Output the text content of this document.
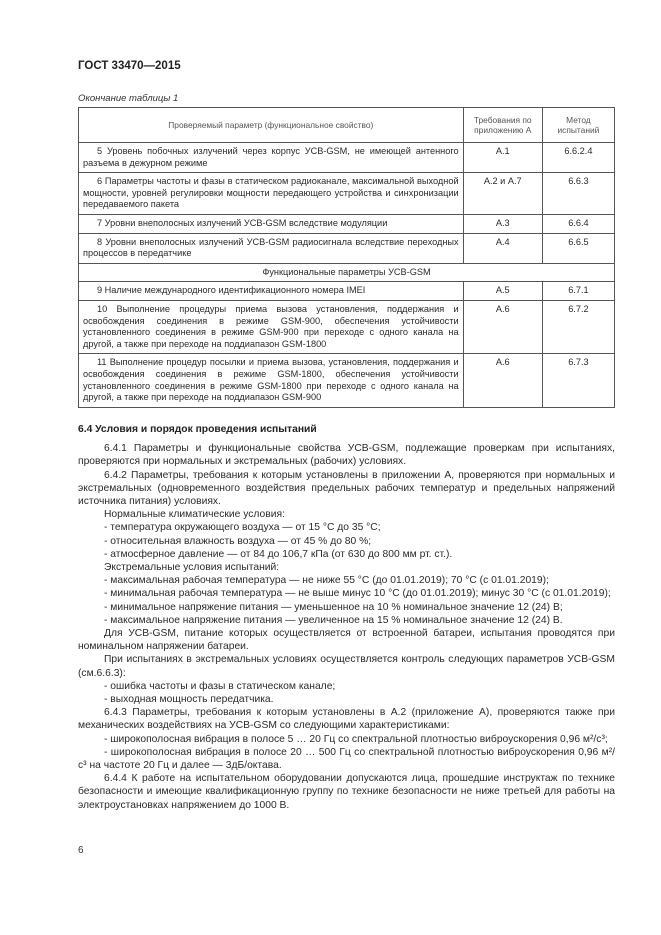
ГОСТ 33470—2015
Окончание таблицы 1
Проверяемый параметр (функциональное свойство)	Требования по приложению А	Метод испытаний
5 Уровень побочных излучений через корпус УСВ-GSM, не имеющей антенного разъема в дежурном режиме	А.1	6.6.2.4
6 Параметры частоты и фазы в статическом радиоканале, максимальной выходной мощности, уровней регулировки мощности передающего устройства и синхронизации передаваемого пакета	А.2 и А.7	6.6.3
7 Уровни внеполосных излучений УСВ-GSM вследствие модуляции	А.3	6.6.4
8 Уровни внеполосных излучений УСВ-GSM радиосигнала вследствие переходных процессов в передатчике	А.4	6.6.5
Функциональные параметры УСВ-GSM		
9 Наличие международного идентификационного номера IMEI	А.5	6.7.1
10 Выполнение процедуры приема вызова установления, поддержания и освобождения соединения в режиме GSM-900, обеспечения устойчивости установленного соединения в режиме GSM-900 при переходе с одного канала на другой, а также при переходе на поддиапазон GSM-1800	А.6	6.7.2
11 Выполнение процедур посылки и приема вызова, установления, поддержания и освобождения соединения в режиме GSM-1800, обеспечения устойчивости установленного соединения в режиме GSM-1800 при переходе с одного канала на другой, а также при переходе на поддиапазон GSM-900	А.6	6.7.3
6.4 Условия и порядок проведения испытаний

6.4.1 Параметры и функциональные свойства УСВ-GSM, подлежащие проверкам при испытаниях, проверяются при нормальных и экстремальных (рабочих) условиях.

6.4.2 Параметры, требования к которым установлены в приложении А, проверяются при нормальных и экстремальных (одновременного воздействия предельных рабочих температур и предельных напряжений источника питания) условиях.

Нормальные климатические условия:

- температура окружающего воздуха — от 15 °С до 35 °С;

- относительная влажность воздуха — от 45 % до 80 %;

- атмосферное давление — от 84 до 106,7 кПа (от 630 до 800 мм рт. ст.).

Экстремальные условия испытаний:

- максимальная рабочая температура — не ниже 55 °С (до 01.01.2019); 70 °С (с 01.01.2019);

- минимальная рабочая температура — не выше минус 10 °С (до 01.01.2019); минус 30 °С (с 01.01.2019);

- минимальное напряжение питания — уменьшенное на 10 % номинальное значение 12 (24) В;

- максимальное напряжение питания — увеличенное на 15 % номинальное значение 12 (24) В.

Для УСВ-GSM, питание которых осуществляется от встроенной батареи, испытания проводятся при номинальном напряжении батареи.

При испытаниях в экстремальных условиях осуществляется контроль следующих параметров УСВ-GSM (см.6.6.3):

- ошибка частоты и фазы в статическом канале;

- выходная мощность передатчика.

6.4.3 Параметры, требования к которым установлены в А.2 (приложение А), проверяются также при механических воздействиях на УСВ-GSM со следующими характеристиками:

- широкополосная вибрация в полосе 5 … 20 Гц со спектральной плотностью виброускорения 0,96 м²/с³;

- широкополосная вибрация в полосе 20 … 500 Гц со спектральной плотностью виброускорения 0,96 м²/с³ на частоте 20 Гц и далее — 3дБ/октава.

6.4.4 К работе на испытательном оборудовании допускаются лица, прошедшие инструктаж по технике безопасности и имеющие квалификационную группу по технике безопасности не ниже третьей для работы на электроустановках напряжением до 1000 В.

6
